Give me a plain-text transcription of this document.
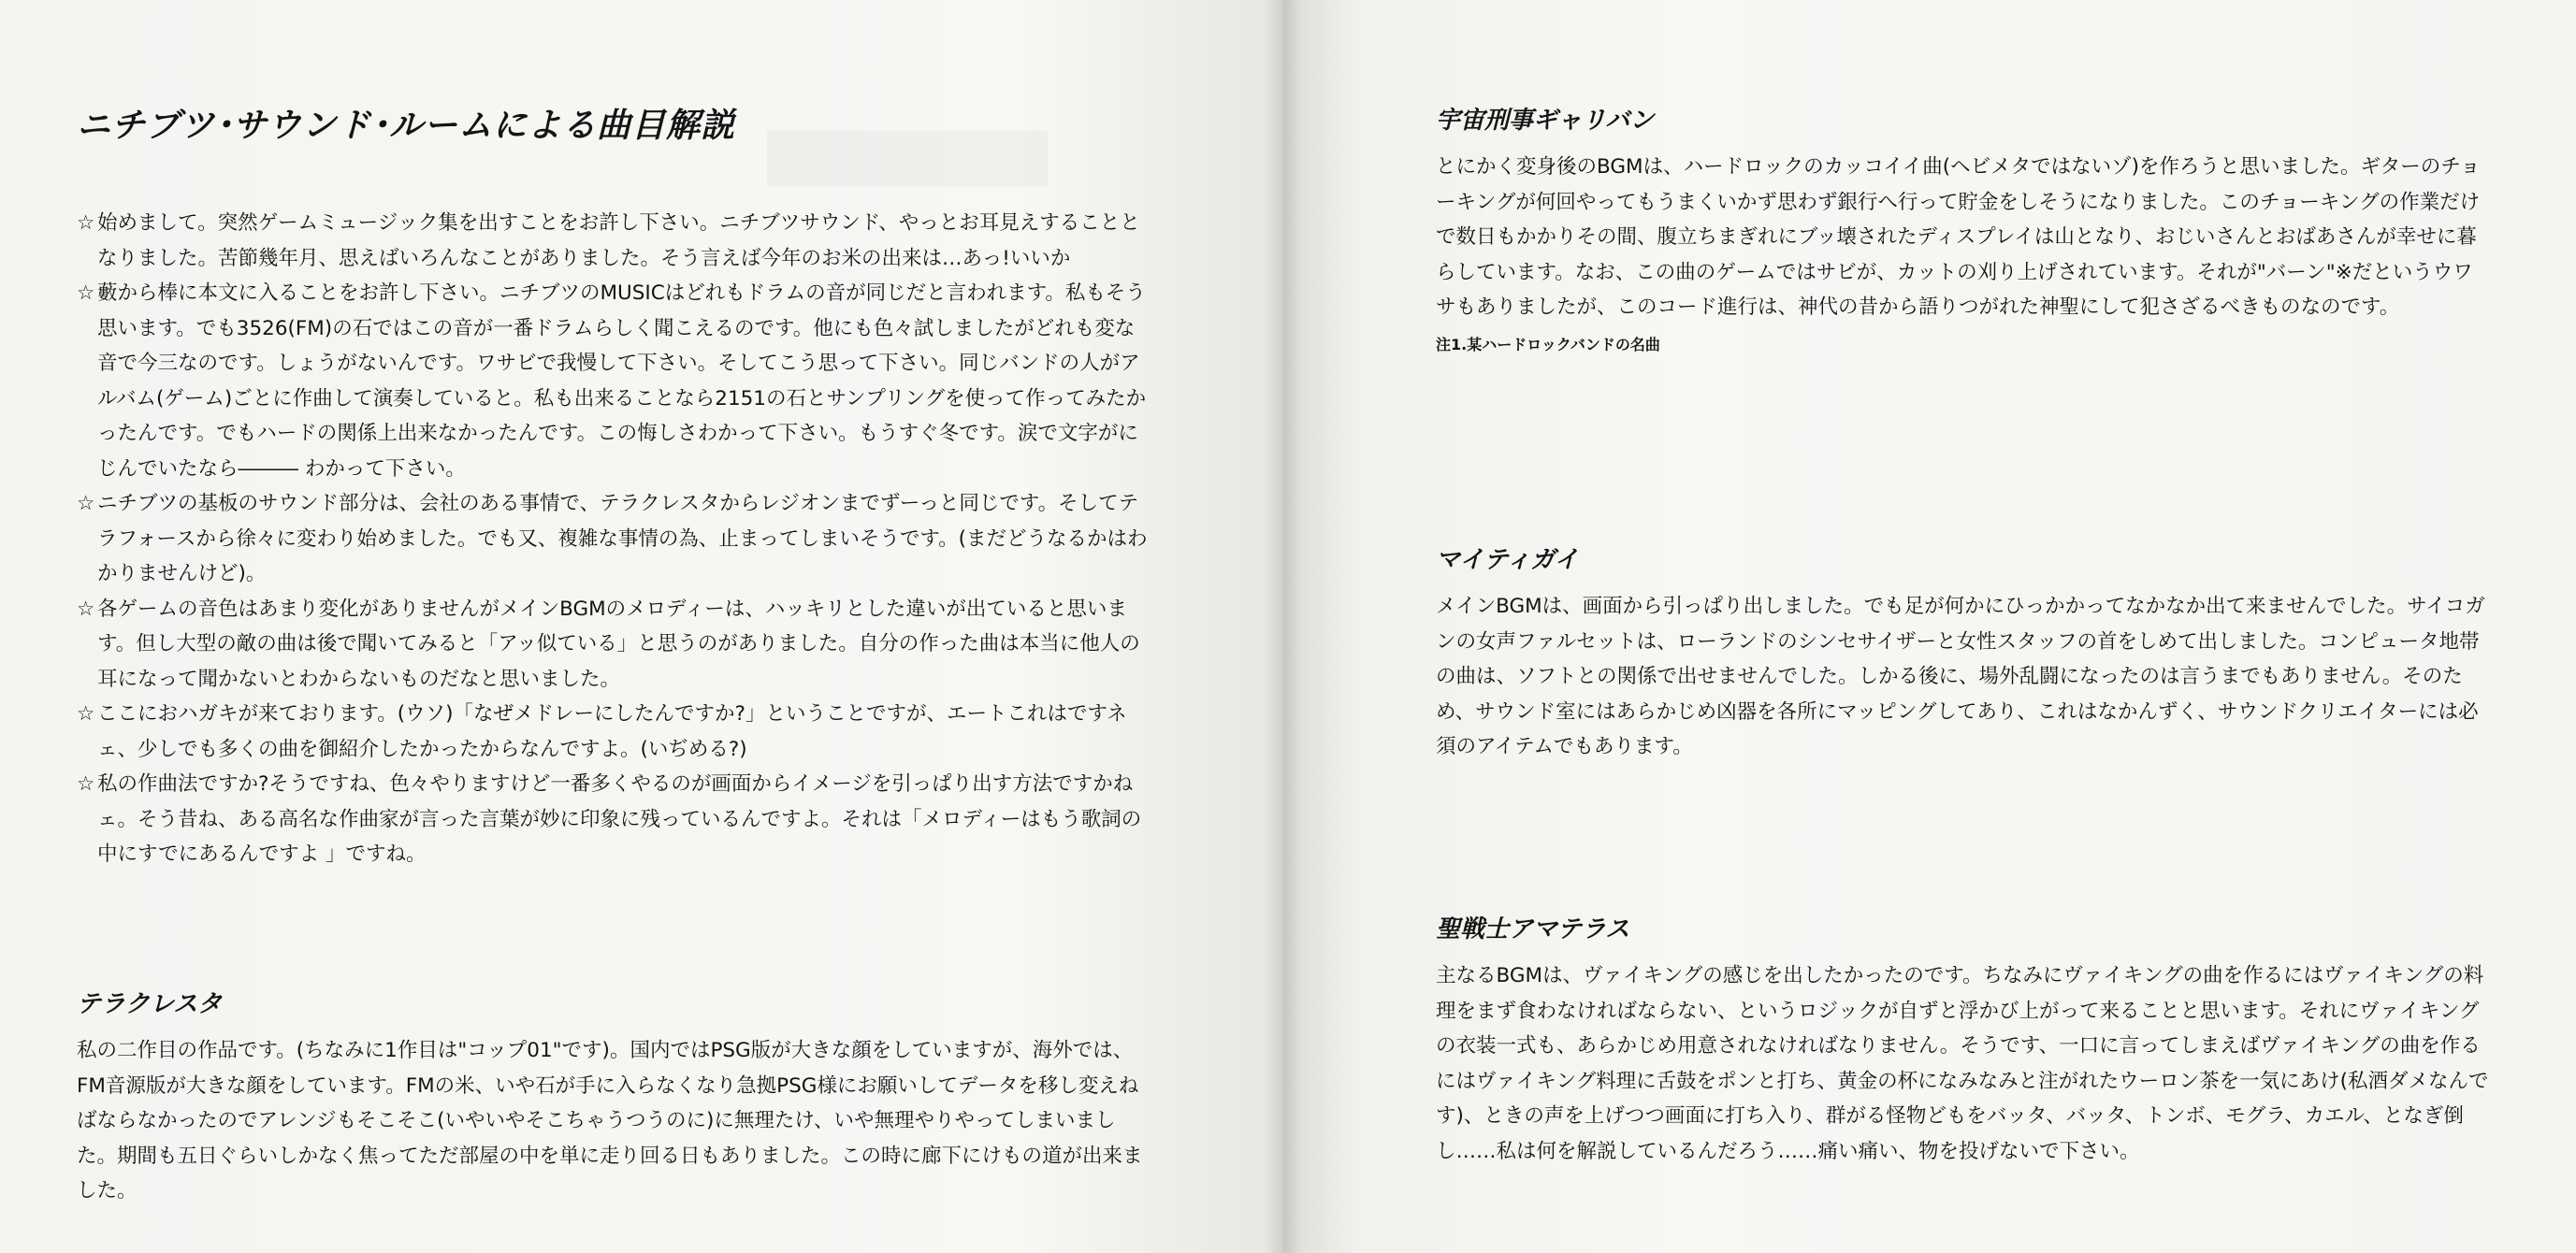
ニチブツ･サウンド･ルームによる曲目解説
☆ 始めまして。突然ゲームミュージック集を出すことをお許し下さい。ニチブツサウンド、やっとお耳見えすることとなりました。苦節幾年月、思えばいろんなことがありました。そう言えば今年のお米の出来は…あっ!いいか
☆ 藪から棒に本文に入ることをお許し下さい。ニチブツのMUSICはどれもドラムの音が同じだと言われます。私もそう思います。でも3526(FM)の石ではこの音が一番ドラムらしく聞こえるのです。他にも色々試しましたがどれも変な音で今三なのです。しょうがないんです。ワサビで我慢して下さい。そしてこう思って下さい。同じバンドの人がアルバム(ゲーム)ごとに作曲して演奏していると。私も出来ることなら2151の石とサンプリングを使って作ってみたかったんです。でもハードの関係上出来なかったんです。この悔しさわかって下さい。もうすぐ冬です。涙で文字がにじんでいたなら――― わかって下さい。
☆ ニチブツの基板のサウンド部分は、会社のある事情で、テラクレスタからレジオンまでずーっと同じです。そしてテラフォースから徐々に変わり始めました。でも又、複雑な事情の為、止まってしまいそうです。(まだどうなるかはわかりませんけど)。
☆ 各ゲームの音色はあまり変化がありませんがメインBGMのメロディーは、ハッキリとした違いが出ていると思います。但し大型の敵の曲は後で聞いてみると「アッ似ている」と思うのがありました。自分の作った曲は本当に他人の耳になって聞かないとわからないものだなと思いました。
☆ ここにおハガキが来ております。(ウソ)「なぜメドレーにしたんですか?」ということですが、エートこれはですネェ、少しでも多くの曲を御紹介したかったからなんですよ。(いぢめる?)
☆ 私の作曲法ですか?そうですね、色々やりますけど一番多くやるのが画面からイメージを引っぱり出す方法ですかねェ。そう昔ね、ある高名な作曲家が言った言葉が妙に印象に残っているんですよ。それは「メロディーはもう歌詞の中にすでにあるんですよ 」ですね。
テラクレスタ

私の二作目の作品です。(ちなみに1作目は"コップ01"です)。国内ではPSG版が大きな顔をしていますが、海外では、FM音源版が大きな顔をしています。FMの米、いや石が手に入らなくなり急拠PSG様にお願いしてデータを移し変えねばならなかったのでアレンジもそこそこ(いやいやそこちゃうつうのに)に無理たけ、いや無理やりやってしまいました。期間も五日ぐらいしかなく焦ってただ部屋の中を単に走り回る日もありました。この時に廊下にけもの道が出来ました。

宇宙刑事ギャリバン

とにかく変身後のBGMは、ハードロックのカッコイイ曲(ヘビメタではないゾ)を作ろうと思いました。ギターのチョーキングが何回やってもうまくいかず思わず銀行へ行って貯金をしそうになりました。このチョーキングの作業だけで数日もかかりその間、腹立ちまぎれにブッ壊されたディスプレイは山となり、おじいさんとおばあさんが幸せに暮らしています。なお、この曲のゲームではサビが、カットの刈り上げされています。それが"バーン"※だというウワサもありましたが、このコード進行は、神代の昔から語りつがれた神聖にして犯さざるべきものなのです。

注1.某ハードロックバンドの名曲

マイティガイ

メインBGMは、画面から引っぱり出しました。でも足が何かにひっかかってなかなか出て来ませんでした。サイコガンの女声ファルセットは、ローランドのシンセサイザーと女性スタッフの首をしめて出しました。コンピュータ地帯の曲は、ソフトとの関係で出せませんでした。しかる後に、場外乱闘になったのは言うまでもありません。そのため、サウンド室にはあらかじめ凶器を各所にマッピングしてあり、これはなかんずく、サウンドクリエイターには必須のアイテムでもあります。

聖戦士アマテラス

主なるBGMは、ヴァイキングの感じを出したかったのです。ちなみにヴァイキングの曲を作るにはヴァイキングの料理をまず食わなければならない、というロジックが自ずと浮かび上がって来ることと思います。それにヴァイキングの衣装一式も、あらかじめ用意されなければなりません。そうです、一口に言ってしまえばヴァイキングの曲を作るにはヴァイキング料理に舌鼓をポンと打ち、黄金の杯になみなみと注がれたウーロン茶を一気にあけ(私酒ダメなんです)、ときの声を上げつつ画面に打ち入り、群がる怪物どもをバッタ、バッタ、トンボ、モグラ、カエル、となぎ倒し……私は何を解説しているんだろう……痛い痛い、物を投げないで下さい。
